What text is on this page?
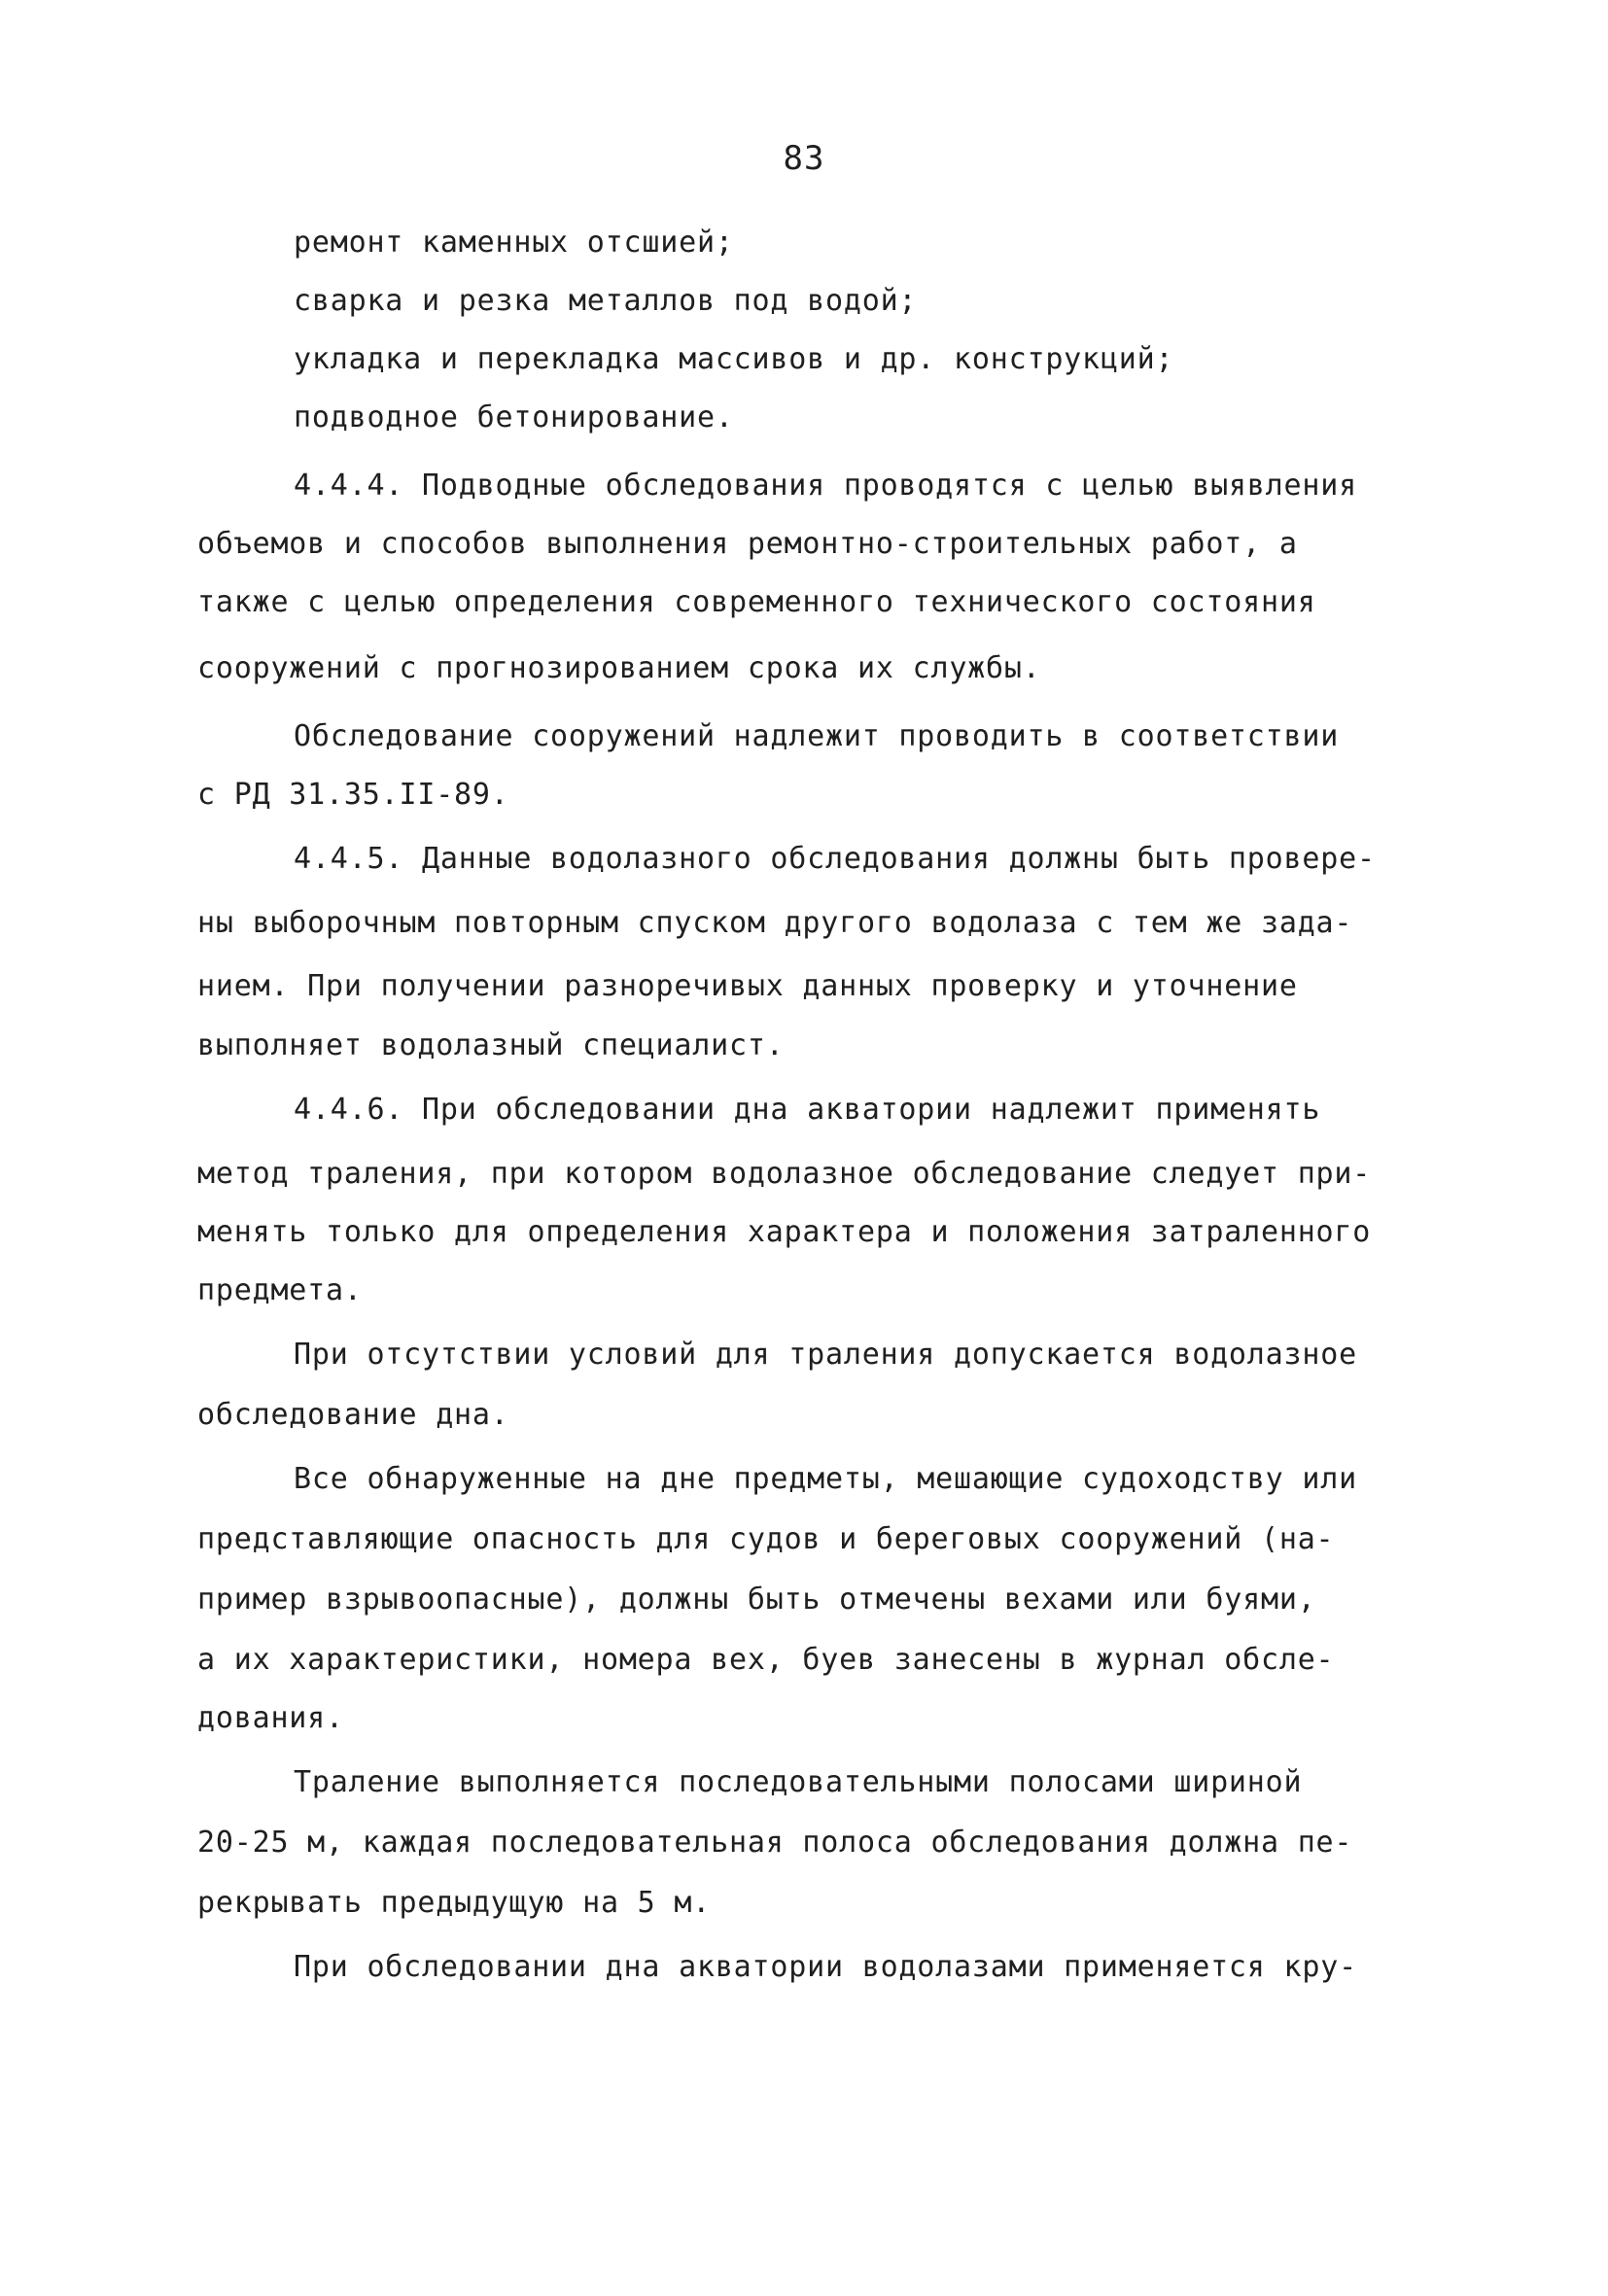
83
ремонт каменных отсшией;
сварка и резка металлов под водой;
укладка и перекладка массивов и др. конструкций;
подводное бетонирование.
4.4.4. Подводные обследования проводятся с целью выявления
объемов и способов выполнения ремонтно-строительных работ, а
также с целью определения современного технического состояния
сооружений с прогнозированием срока их службы.
Обследование сооружений надлежит проводить в соответствии
с РД 31.35.II-89.
4.4.5. Данные водолазного обследования должны быть провере-
ны выборочным повторным спуском другого водолаза с тем же зада-
нием. При получении разноречивых данных проверку и уточнение
выполняет водолазный специалист.
4.4.6. При обследовании дна акватории надлежит применять
метод траления, при котором водолазное обследование следует при-
менять только для определения характера и положения затраленного
предмета.
При отсутствии условий для траления допускается водолазное
обследование дна.
Все обнаруженные на дне предметы, мешающие судоходству или
представляющие опасность для судов и береговых сооружений (на-
пример взрывоопасные), должны быть отмечены вехами или буями,
а их характеристики, номера вех, буев занесены в журнал обсле-
дования.
Траление выполняется последовательными полосами шириной
20-25 м, каждая последовательная полоса обследования должна пе-
рекрывать предыдущую на 5 м.
При обследовании дна акватории водолазами применяется кру-
